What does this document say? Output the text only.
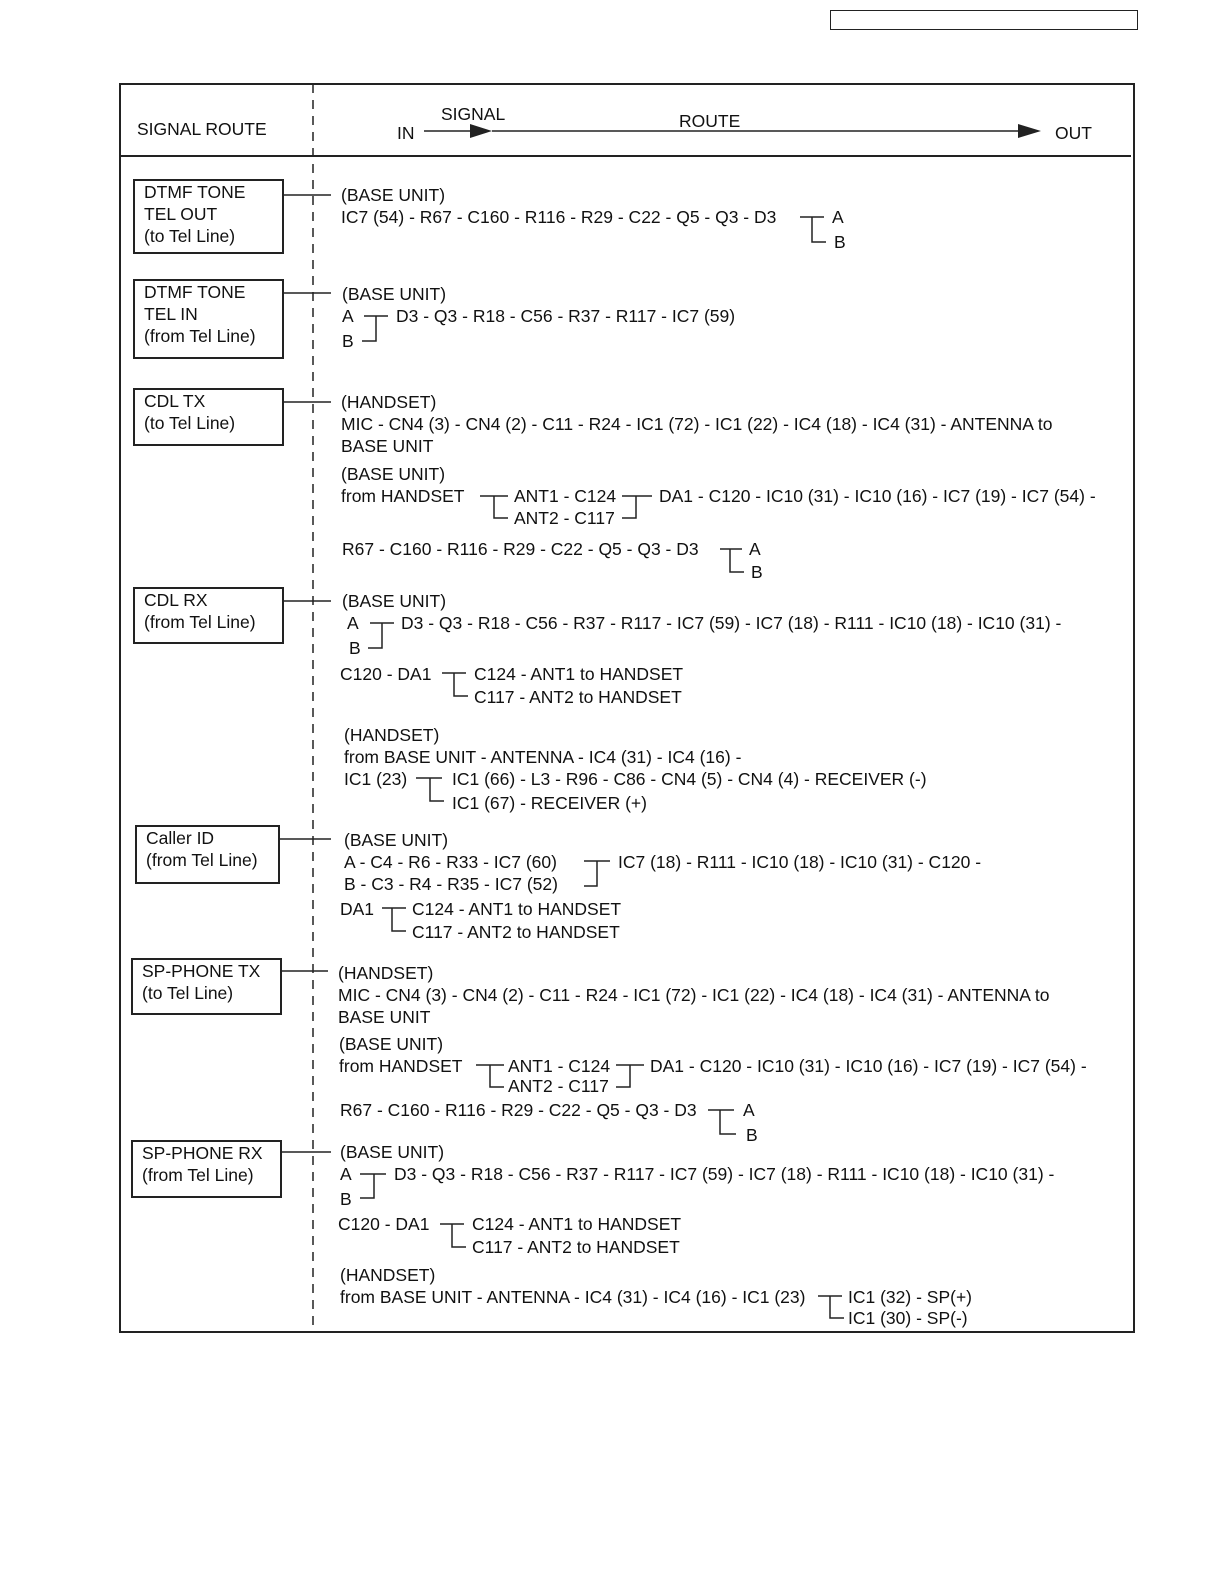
SIGNAL ROUTE	IN
SIGNAL	ROUTE
OUT
DTMF TONE
TEL OUT
(to Tel Line)
(BASE UNIT)
IC7 (54) - R67 - C160 - R116 - R29 - C22 - Q5 - Q3 - D3	A
B
DTMF TONE
TEL IN
(from Tel Line)
(BASE UNIT)
A
B
D3 - Q3 - R18 - C56 - R37 - R117 - IC7 (59)
CDL TX
(to Tel Line)
(HANDSET)
MIC - CN4 (3) - CN4 (2) - C11 - R24 - IC1 (72) - IC1 (22) - IC4 (18) - IC4 (31) - ANTENNA to
BASE UNIT
(BASE UNIT)
from HANDSET	ANT1 - C124
ANT2 - C117
DA1 - C120 - IC10 (31) - IC10 (16) - IC7 (19) - IC7 (54) -
R67 - C160 - R116 - R29 - C22 - Q5 - Q3 - D3	A
B
CDL RX
(from Tel Line)
(BASE UNIT)
A
B
D3 - Q3 - R18 - C56 - R37 - R117 - IC7 (59) - IC7 (18) - R111 - IC10 (18) - IC10 (31) -
C120 - DA1 C124 - ANT1 to HANDSET
C117 - ANT2 to HANDSET
(HANDSET)
from BASE UNIT - ANTENNA - IC4 (31) - IC4 (16) -
IC1 (23)	IC1 (66) - L3 - R96 - C86 - CN4 (5) - CN4 (4) - RECEIVER (-)
IC1 (67) - RECEIVER (+)
Caller ID
(from Tel Line)
(BASE UNIT)
A - C4 - R6 - R33 - IC7 (60)
B - C3 - R4 - R35 - IC7 (52)
IC7 (18) - R111 - IC10 (18) - IC10 (31) - C120 -
DA1 C124 - ANT1 to HANDSET
C117 - ANT2 to HANDSET
SP-PHONE TX
(to Tel Line)
(HANDSET)
MIC - CN4 (3) - CN4 (2) - C11 - R24 - IC1 (72) - IC1 (22) - IC4 (18) - IC4 (31) - ANTENNA to
BASE UNIT
(BASE UNIT)
from HANDSET	ANT1 - C124
ANT2 - C117
DA1 - C120 - IC10 (31) - IC10 (16) - IC7 (19) - IC7 (54) -
R67 - C160 - R116 - R29 - C22 - Q5 - Q3 - D3	A
B
SP-PHONE RX
(from Tel Line)
(BASE UNIT)
A
B
D3 - Q3 - R18 - C56 - R37 - R117 - IC7 (59) - IC7 (18) - R111 - IC10 (18) - IC10 (31) -
C120 - DA1 C124 - ANT1 to HANDSET
C117 - ANT2 to HANDSET
(HANDSET)
from BASE UNIT - ANTENNA - IC4 (31) - IC4 (16) - IC1 (23) IC1 (32) - SP(+)
IC1 (30) - SP(-)
